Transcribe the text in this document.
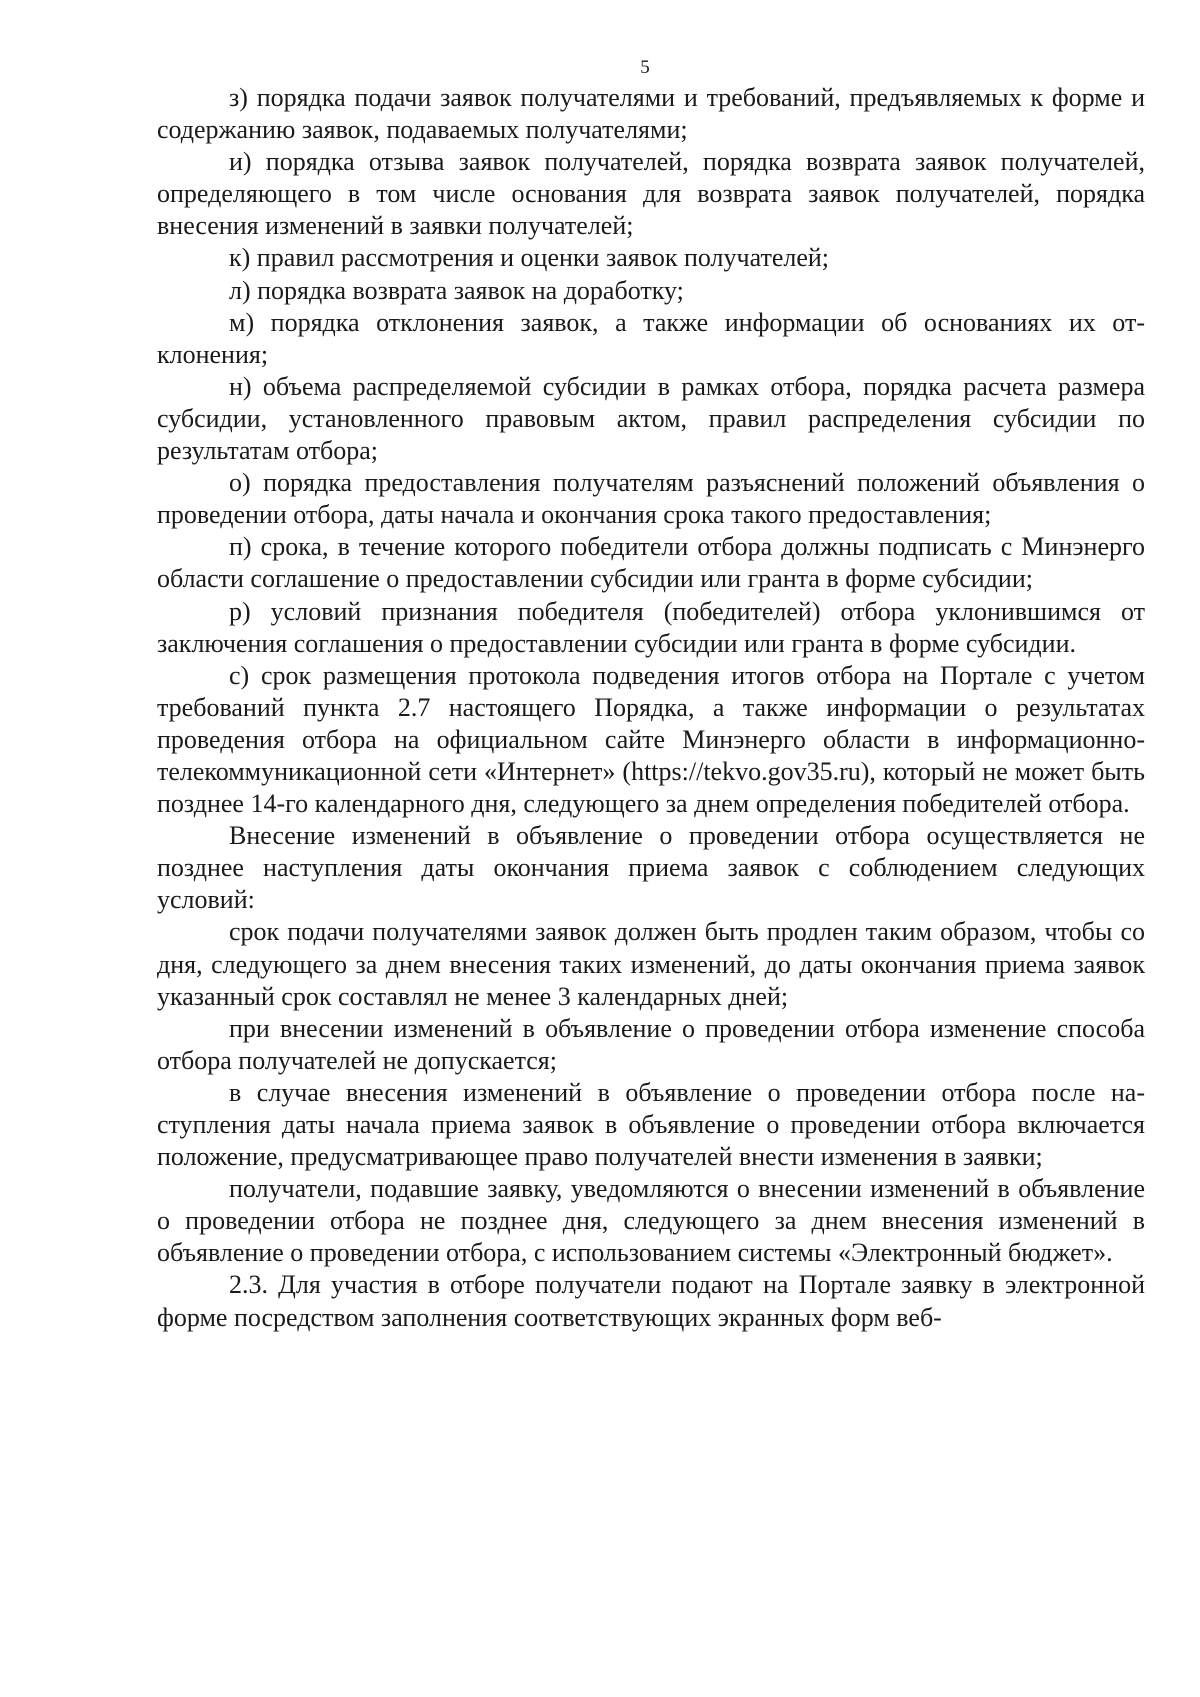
5

з) порядка подачи заявок получателями и требований, предъявляемых к форме и содержанию заявок, подаваемых получателями;

и) порядка отзыва заявок получателей, порядка возврата заявок получателей, определяющего в том числе основания для возврата заявок получателей, порядка внесения изменений в заявки получателей;

к) правил рассмотрения и оценки заявок получателей;

л) порядка возврата заявок на доработку;

м) порядка отклонения заявок, а также информации об основаниях их отклонения;

н) объема распределяемой субсидии в рамках отбора, порядка расчета размера субсидии, установленного правовым актом, правил распределения субсидии по результатам отбора;

о) порядка предоставления получателям разъяснений положений объявления о проведении отбора, даты начала и окончания срока такого предоставления;

п) срока, в течение которого победители отбора должны подписать с Минэнерго области соглашение о предоставлении субсидии или гранта в форме субсидии;

р) условий признания победителя (победителей) отбора уклонившимся от заключения соглашения о предоставлении субсидии или гранта в форме субсидии.

с) срок размещения протокола подведения итогов отбора на Портале с учетом требований пункта 2.7 настоящего Порядка, а также информации о результатах проведения отбора на официальном сайте Минэнерго области в информационно-телекоммуникационной сети «Интернет» (https://tekvo.gov35.ru), который не может быть позднее 14-го календарного дня, следующего за днем определения победителей отбора.

Внесение изменений в объявление о проведении отбора осуществляется не позднее наступления даты окончания приема заявок с соблюдением следующих условий:

срок подачи получателями заявок должен быть продлен таким образом, чтобы со дня, следующего за днем внесения таких изменений, до даты окончания приема заявок указанный срок составлял не менее 3 календарных дней;

при внесении изменений в объявление о проведении отбора изменение способа отбора получателей не допускается;

в случае внесения изменений в объявление о проведении отбора после наступления даты начала приема заявок в объявление о проведении отбора включается положение, предусматривающее право получателей внести изменения в заявки;

получатели, подавшие заявку, уведомляются о внесении изменений в объявление о проведении отбора не позднее дня, следующего за днем внесения изменений в объявление о проведении отбора, с использованием системы «Электронный бюджет».

2.3. Для участия в отборе получатели подают на Портале заявку в электронной форме посредством заполнения соответствующих экранных форм веб-
